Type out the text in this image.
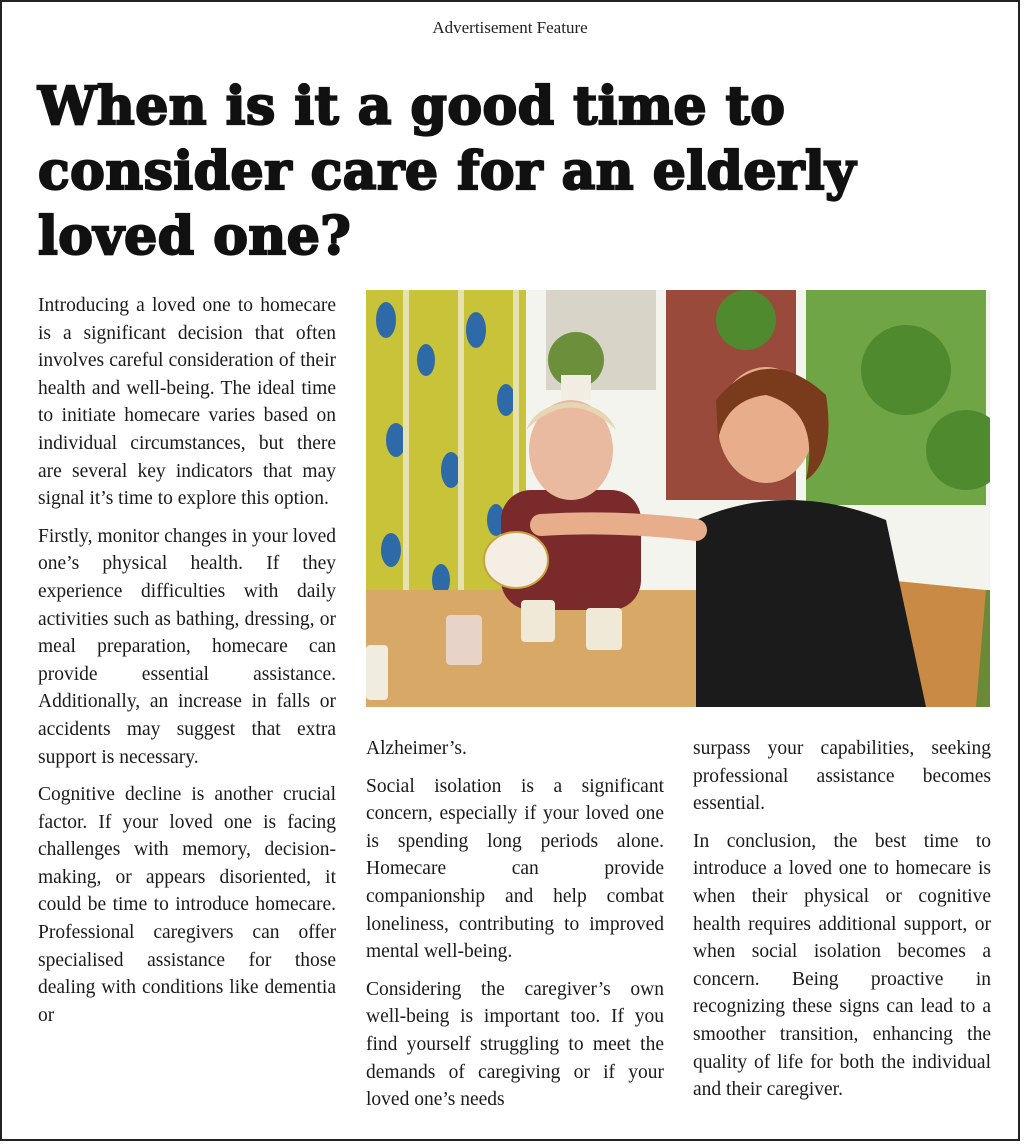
Advertisement Feature
When is it a good time to consider care for an elderly loved one?

Introducing a loved one to homecare is a significant decision that often involves careful consideration of their health and well-being. The ideal time to initiate homecare varies based on individual circumstances, but there are several key indicators that may signal it’s time to explore this option.

Firstly, monitor changes in your loved one’s physical health. If they experience difficulties with daily activities such as bathing, dressing, or meal preparation, homecare can provide essential assistance. Additionally, an increase in falls or accidents may suggest that extra support is necessary.

Cognitive decline is another crucial factor. If your loved one is facing challenges with memory, decision-making, or appears disoriented, it could be time to introduce homecare. Professional caregivers can offer specialised assistance for those dealing with conditions like dementia or

Alzheimer’s.

Social isolation is a significant concern, especially if your loved one is spending long periods alone. Homecare can provide companionship and help combat loneliness, contributing to improved mental well-being.

Considering the caregiver’s own well-being is important too. If you find yourself struggling to meet the demands of caregiving or if your loved one’s needs

surpass your capabilities, seeking professional assistance becomes essential.

In conclusion, the best time to introduce a loved one to homecare is when their physical or cognitive health requires additional support, or when social isolation becomes a concern. Being proactive in recognizing these signs can lead to a smoother transition, enhancing the quality of life for both the individual and their caregiver.
